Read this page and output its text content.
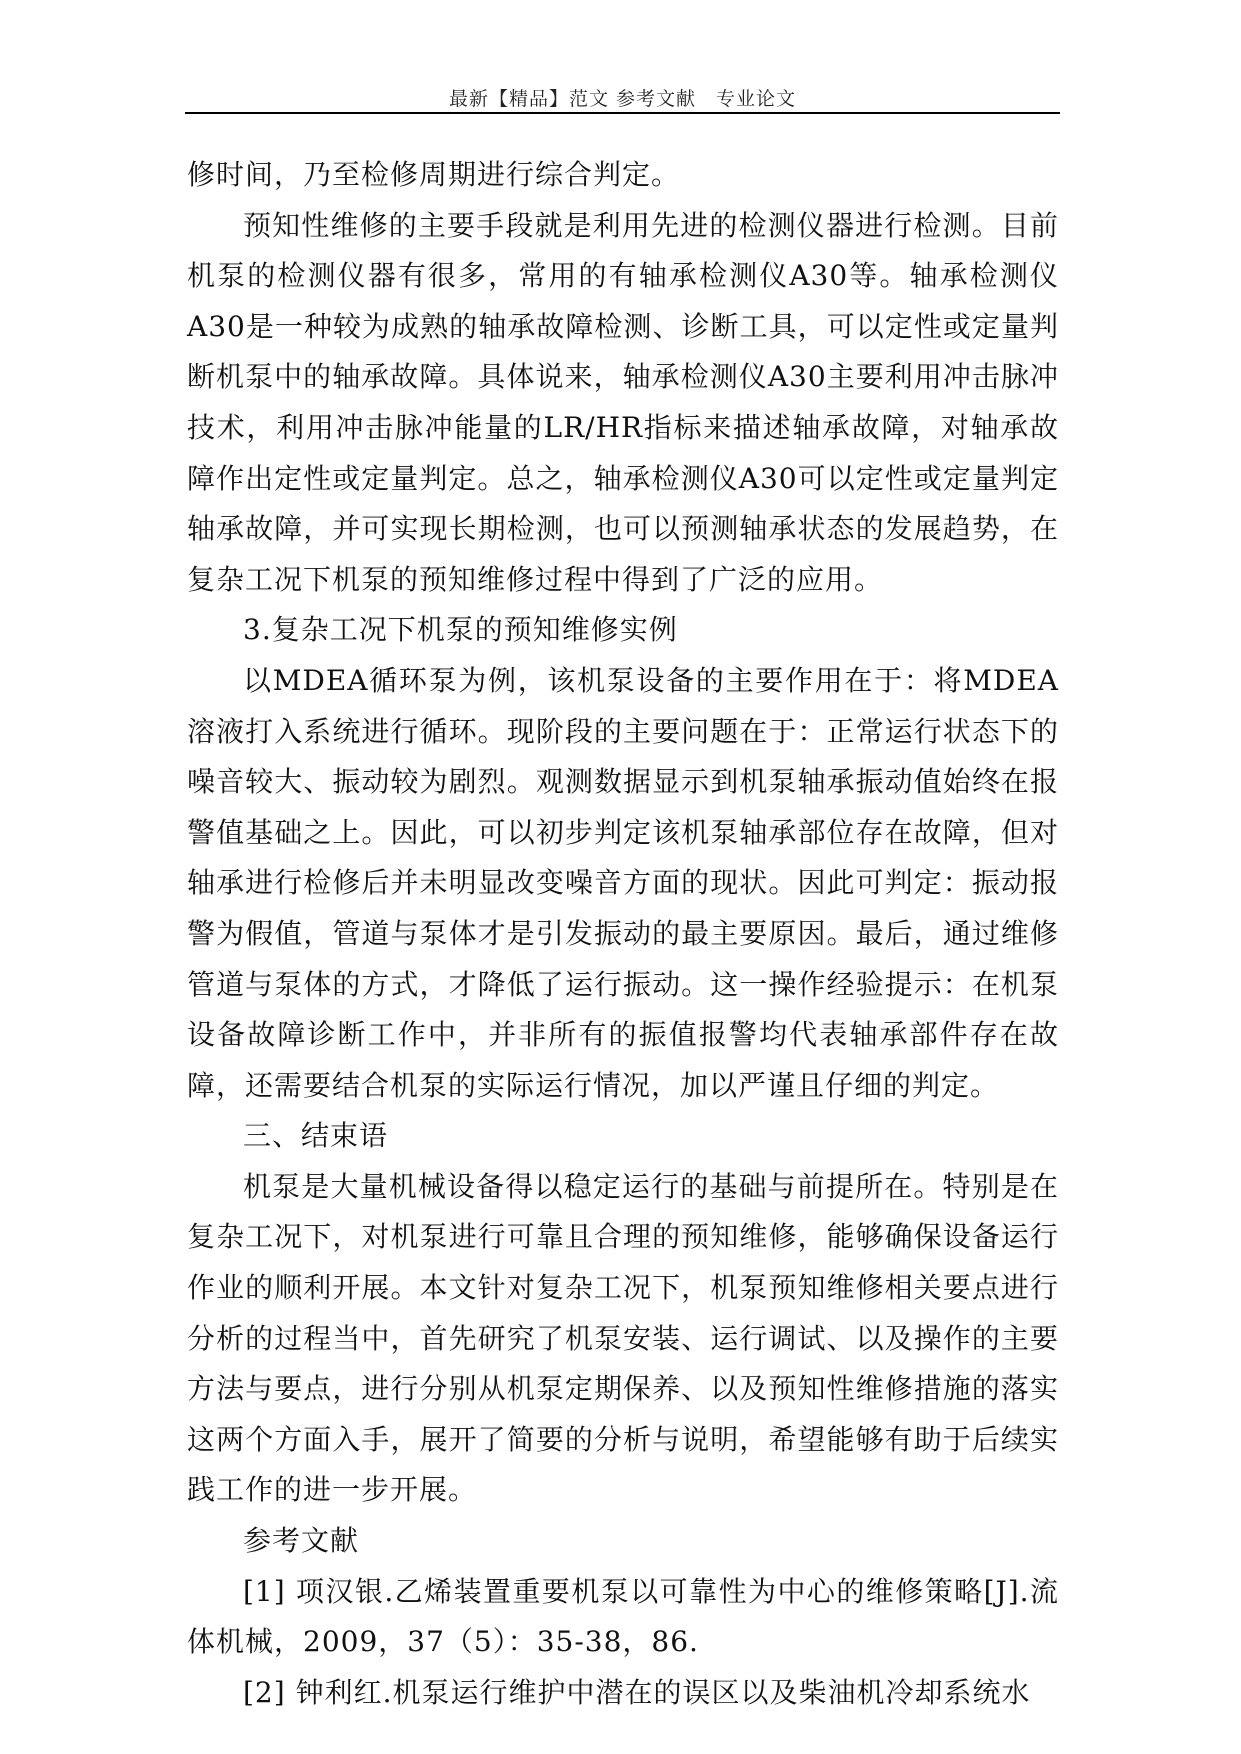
最新【精品】范文 参考文献　专业论文

修时间，乃至检修周期进行综合判定。

预知性维修的主要手段就是利用先进的检测仪器进行检测。目前机泵的检测仪器有很多，常用的有轴承检测仪A30等。轴承检测仪A30是一种较为成熟的轴承故障检测、诊断工具，可以定性或定量判断机泵中的轴承故障。具体说来，轴承检测仪A30主要利用冲击脉冲技术，利用冲击脉冲能量的LR/HR指标来描述轴承故障，对轴承故障作出定性或定量判定。总之，轴承检测仪A30可以定性或定量判定轴承故障，并可实现长期检测，也可以预测轴承状态的发展趋势，在复杂工况下机泵的预知维修过程中得到了广泛的应用。

3.复杂工况下机泵的预知维修实例

以MDEA循环泵为例，该机泵设备的主要作用在于：将MDEA溶液打入系统进行循环。现阶段的主要问题在于：正常运行状态下的噪音较大、振动较为剧烈。观测数据显示到机泵轴承振动值始终在报警值基础之上。因此，可以初步判定该机泵轴承部位存在故障，但对轴承进行检修后并未明显改变噪音方面的现状。因此可判定：振动报警为假值，管道与泵体才是引发振动的最主要原因。最后，通过维修管道与泵体的方式，才降低了运行振动。这一操作经验提示：在机泵设备故障诊断工作中，并非所有的振值报警均代表轴承部件存在故障，还需要结合机泵的实际运行情况，加以严谨且仔细的判定。

三、结束语

机泵是大量机械设备得以稳定运行的基础与前提所在。特别是在复杂工况下，对机泵进行可靠且合理的预知维修，能够确保设备运行作业的顺利开展。本文针对复杂工况下，机泵预知维修相关要点进行分析的过程当中，首先研究了机泵安装、运行调试、以及操作的主要方法与要点，进行分别从机泵定期保养、以及预知性维修措施的落实这两个方面入手，展开了简要的分析与说明，希望能够有助于后续实践工作的进一步开展。

参考文献

[1] 项汉银.乙烯装置重要机泵以可靠性为中心的维修策略[J].流体机械，2009，37（5）：35-38，86.

[2] 钟利红.机泵运行维护中潜在的误区以及柴油机冷却系统水
